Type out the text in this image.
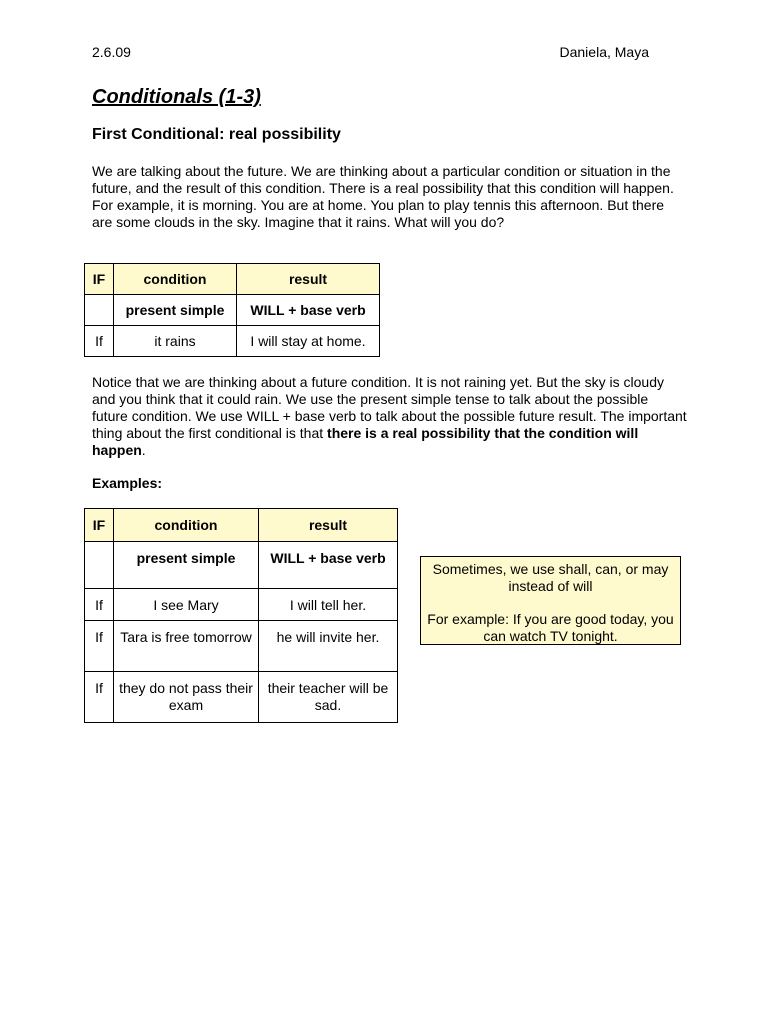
2.6.09	Daniela, Maya
Conditionals (1-3)
First Conditional: real possibility
We are talking about the future. We are thinking about a particular condition or situation in the future, and the result of this condition. There is a real possibility that this condition will happen. For example, it is morning. You are at home. You plan to play tennis this afternoon. But there are some clouds in the sky. Imagine that it rains. What will you do?
IF	condition	result
	present simple	WILL + base verb
If	it rains	I will stay at home.
Notice that we are thinking about a future condition. It is not raining yet. But the sky is cloudy and you think that it could rain. We use the present simple tense to talk about the possible future condition. We use WILL + base verb to talk about the possible future result. The important thing about the first conditional is that there is a real possibility that the condition will happen.
Examples:
IF	condition	result
	present simple	WILL + base verb
If	I see Mary	I will tell her.
If	Tara is free tomorrow	he will invite her.
If	they do not pass their exam	their teacher will be sad.

Sometimes, we use shall, can, or may instead of will

For example: If you are good today, you can watch TV tonight.
